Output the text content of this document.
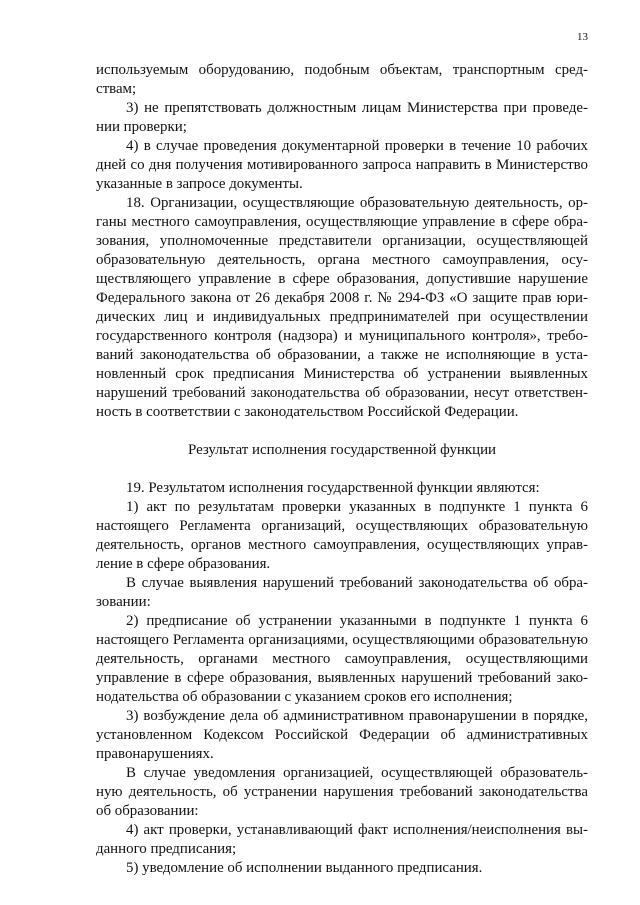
13

используемым оборудованию, подобным объектам, транспортным средствам;

3) не препятствовать должностным лицам Министерства при проведении проверки;

4) в случае проведения документарной проверки в течение 10 рабочих дней со дня получения мотивированного запроса направить в Министерство указанные в запросе документы.

18. Организации, осуществляющие образовательную деятельность, органы местного самоуправления, осуществляющие управление в сфере образования, уполномоченные представители организации, осуществляющей образовательную деятельность, органа местного самоуправления, осуществляющего управление в сфере образования, допустившие нарушение Федерального закона от 26 декабря 2008 г. № 294-ФЗ «О защите прав юридических лиц и индивидуальных предпринимателей при осуществлении государственного контроля (надзора) и муниципального контроля», требований законодательства об образовании, а также не исполняющие в установленный срок предписания Министерства об устранении выявленных нарушений требований законодательства об образовании, несут ответственность в соответствии с законодательством Российской Федерации.

Результат исполнения государственной функции

19. Результатом исполнения государственной функции являются:

1) акт по результатам проверки указанных в подпункте 1 пункта 6 настоящего Регламента организаций, осуществляющих образовательную деятельность, органов местного самоуправления, осуществляющих управление в сфере образования.

В случае выявления нарушений требований законодательства об образовании:

2) предписание об устранении указанными в подпункте 1 пункта 6 настоящего Регламента организациями, осуществляющими образовательную деятельность, органами местного самоуправления, осуществляющими управление в сфере образования, выявленных нарушений требований законодательства об образовании с указанием сроков его исполнения;

3) возбуждение дела об административном правонарушении в порядке, установленном Кодексом Российской Федерации об административных правонарушениях.

В случае уведомления организацией, осуществляющей образовательную деятельность, об устранении нарушения требований законодательства об образовании:

4) акт проверки, устанавливающий факт исполнения/неисполнения выданного предписания;

5) уведомление об исполнении выданного предписания.
